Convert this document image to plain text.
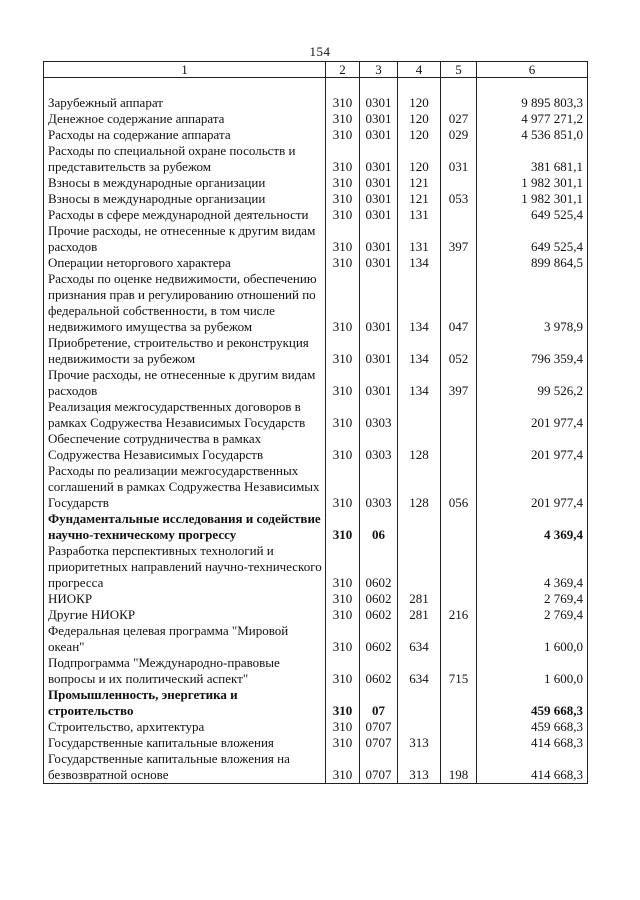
154
1	2	3	4	5	6

Зарубежный аппарат	310	0301	120		9 895 803,3
Денежное содержание аппарата	310	0301	120	027	4 977 271,2
Расходы на содержание аппарата	310	0301	120	029	4 536 851,0
Расходы по специальной охране посольств и представительств за рубежом	310	0301	120	031	381 681,1
Взносы в международные организации	310	0301	121		1 982 301,1
Взносы в международные организации	310	0301	121	053	1 982 301,1
Расходы в сфере международной деятельности	310	0301	131		649 525,4
Прочие расходы, не отнесенные к другим видам расходов	310	0301	131	397	649 525,4
Операции неторгового характера	310	0301	134		899 864,5
Расходы по оценке недвижимости, обеспечению признания прав и регулированию отношений по федеральной собственности, в том числе недвижимого имущества за рубежом	310	0301	134	047	3 978,9
Приобретение, строительство и реконструкция недвижимости за рубежом	310	0301	134	052	796 359,4
Прочие расходы, не отнесенные к другим видам расходов	310	0301	134	397	99 526,2
Реализация межгосударственных договоров в рамках Содружества Независимых Государств	310	0303			201 977,4
Обеспечение сотрудничества в рамках Содружества Независимых Государств	310	0303	128		201 977,4
Расходы по реализации межгосударственных соглашений в рамках Содружества Независимых Государств	310	0303	128	056	201 977,4
Фундаментальные исследования и содействие научно-техническому прогрессу	310	06			4 369,4
Разработка перспективных технологий и приоритетных направлений научно-технического прогресса	310	0602			4 369,4
НИОКР	310	0602	281		2 769,4
Другие НИОКР	310	0602	281	216	2 769,4
Федеральная целевая программа "Мировой океан"	310	0602	634		1 600,0
Подпрограмма "Международно-правовые вопросы и их политический аспект"	310	0602	634	715	1 600,0
Промышленность, энергетика и строительство	310	07			459 668,3
Строительство, архитектура	310	0707			459 668,3
Государственные капитальные вложения	310	0707	313		414 668,3
Государственные капитальные вложения на безвозвратной основе	310	0707	313	198	414 668,3
